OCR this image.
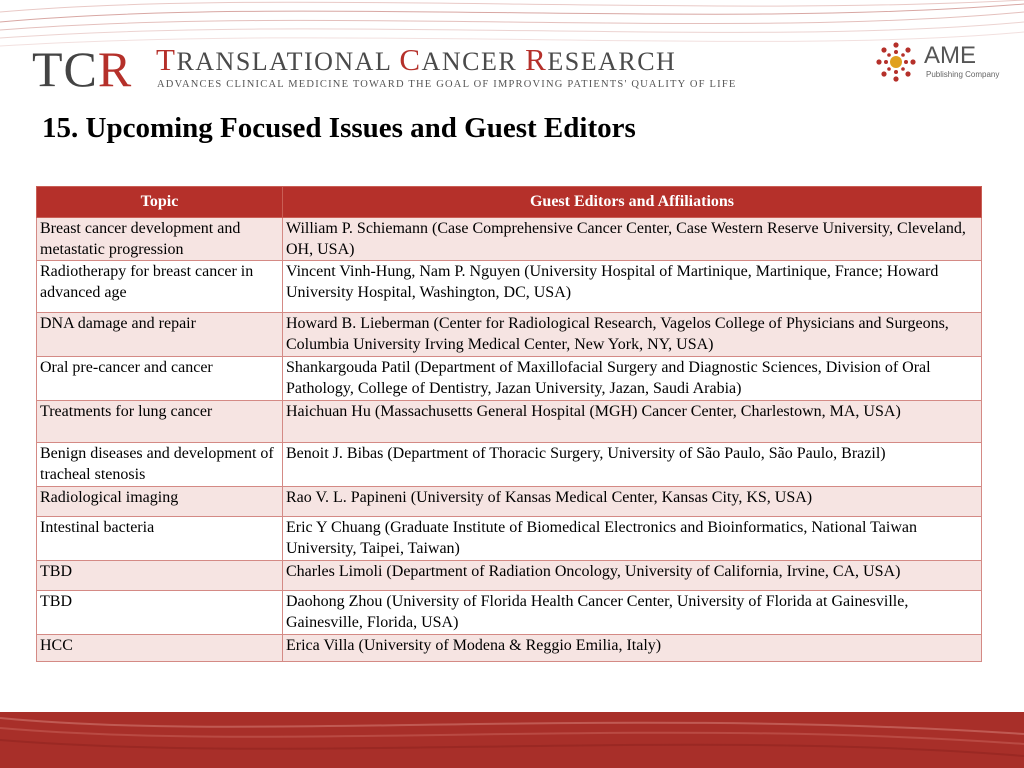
TCR TRANSLATIONAL CANCER RESEARCH
ADVANCES CLINICAL MEDICINE TOWARD THE GOAL OF IMPROVING PATIENTS' QUALITY OF LIFE
AME
Publishing Company
15. Upcoming Focused Issues and Guest Editors
Topic	Guest Editors and Affiliations
Breast cancer development and metastatic progression	William P. Schiemann (Case Comprehensive Cancer Center, Case Western Reserve University, Cleveland, OH, USA)
Radiotherapy for breast cancer in advanced age	Vincent Vinh-Hung, Nam P. Nguyen (University Hospital of Martinique, Martinique, France; Howard University Hospital, Washington, DC, USA)
DNA damage and repair	Howard B. Lieberman (Center for Radiological Research, Vagelos College of Physicians and Surgeons, Columbia University Irving Medical Center, New York, NY, USA)
Oral pre-cancer and cancer	Shankargouda Patil (Department of Maxillofacial Surgery and Diagnostic Sciences, Division of Oral Pathology, College of Dentistry, Jazan University, Jazan, Saudi Arabia)
Treatments for lung cancer	Haichuan Hu (Massachusetts General Hospital (MGH) Cancer Center, Charlestown, MA, USA)
Benign diseases and development of tracheal stenosis	Benoit J. Bibas (Department of Thoracic Surgery, University of São Paulo, São Paulo, Brazil)
Radiological imaging	Rao V. L. Papineni (University of Kansas Medical Center, Kansas City, KS, USA)
Intestinal bacteria	Eric Y Chuang (Graduate Institute of Biomedical Electronics and Bioinformatics, National Taiwan University, Taipei, Taiwan)
TBD	Charles Limoli (Department of Radiation Oncology, University of California, Irvine, CA, USA)
TBD	Daohong Zhou (University of Florida Health Cancer Center, University of Florida at Gainesville, Gainesville, Florida, USA)
HCC	Erica Villa (University of Modena & Reggio Emilia, Italy)
